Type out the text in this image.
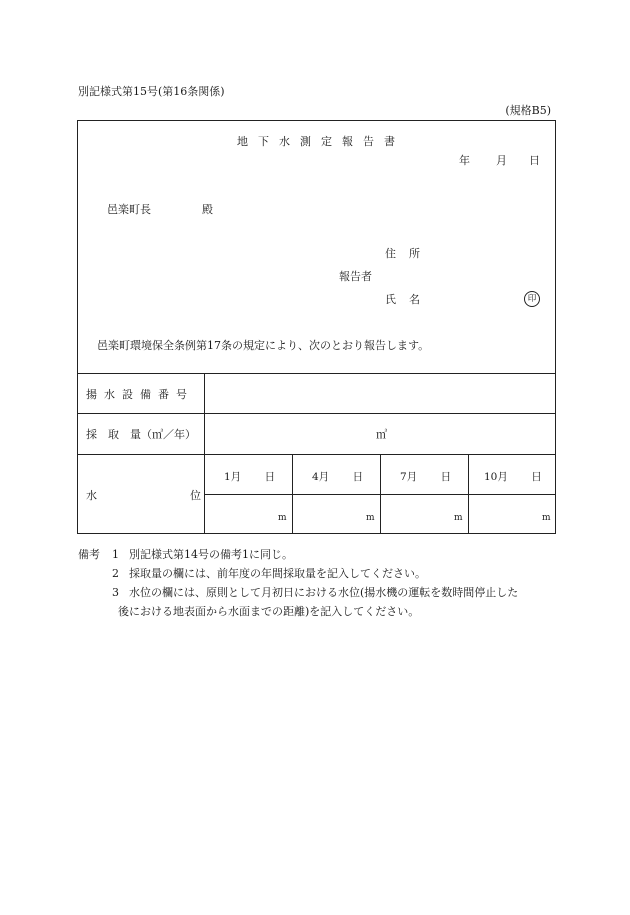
別記様式第15号(第16条関係)
(規格B5)
地 下 水 測 定 報 告 書
年 月 日
邑楽町長	殿
住 所
報告者
氏 名	印
邑楽町環境保全条例第17条の規定により、次のとおり報告します。
揚 水 設 備 番 号
採　取　量（㎥／年）	㎥
水	位
1月 日	4月 日	7月 日	10月 日
m	m	m	m
備考 1 別記様式第14号の備考1に同じ。
2 採取量の欄には、前年度の年間採取量を記入してください。
3 水位の欄には、原則として月初日における水位(揚水機の運転を数時間停止した
後における地表面から水面までの距離)を記入してください。
